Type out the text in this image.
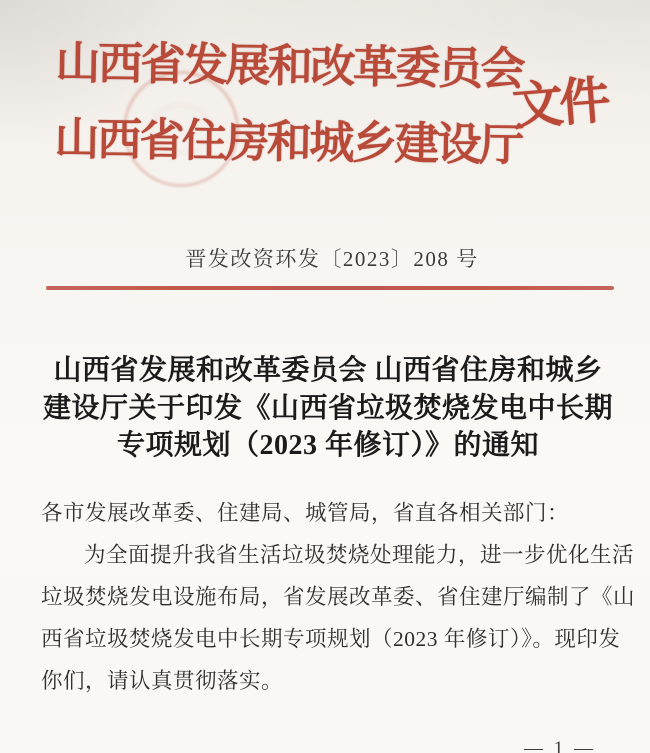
山西省发展和改革委员会
山西省住房和城乡建设厅
文件
晋发改资环发〔2023〕208 号
山西省发展和改革委员会 山西省住房和城乡
建设厅关于印发《山西省垃圾焚烧发电中长期
专项规划（2023 年修订）》的通知
各市发展改革委、住建局、城管局，省直各相关部门：
为全面提升我省生活垃圾焚烧处理能力，进一步优化生活
垃圾焚烧发电设施布局，省发展改革委、省住建厅编制了《山
西省垃圾焚烧发电中长期专项规划（2023 年修订）》。现印发
你们，请认真贯彻落实。
— 1 —
